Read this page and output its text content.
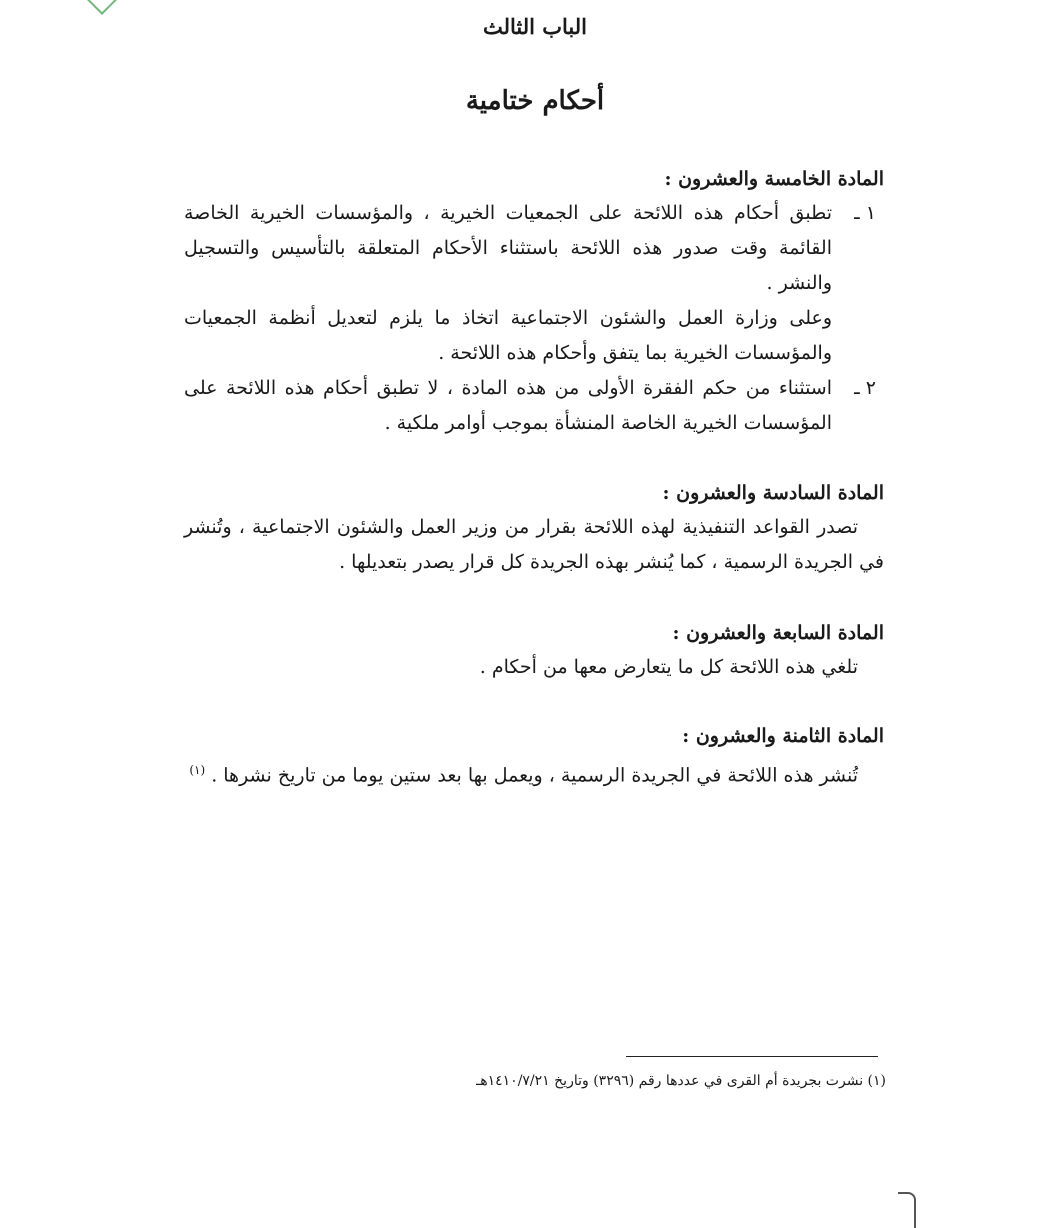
الباب الثالث
أحكام ختامية

المادة الخامسة والعشرون :

١ ـ
تطبق أحكام هذه اللائحة على الجمعيات الخيرية ، والمؤسسات الخيرية الخاصة القائمة وقت صدور هذه اللائحة باستثناء الأحكام المتعلقة بالتأسيس والتسجيل والنشر .

وعلى وزارة العمل والشئون الاجتماعية اتخاذ ما يلزم لتعديل أنظمة الجمعيات والمؤسسات الخيرية بما يتفق وأحكام هذه اللائحة .

٢ ـ
استثناء من حكم الفقرة الأولى من هذه المادة ، لا تطبق أحكام هذه اللائحة على المؤسسات الخيرية الخاصة المنشأة بموجب أوامر ملكية .

المادة السادسة والعشرون :

تصدر القواعد التنفيذية لهذه اللائحة بقرار من وزير العمل والشئون الاجتماعية ، وتُنشر في الجريدة الرسمية ، كما يُنشر بهذه الجريدة كل قرار يصدر بتعديلها .

المادة السابعة والعشرون :

تلغي هذه اللائحة كل ما يتعارض معها من أحكام .

المادة الثامنة والعشرون :

تُنشر هذه اللائحة في الجريدة الرسمية ، ويعمل بها بعد ستين يوما من تاريخ نشرها . $^{(١)}$

(١) نشرت بجريدة أم القرى في عددها رقم (٣٢٩٦) وتاريخ ١٤١٠/٧/٢١هـ
